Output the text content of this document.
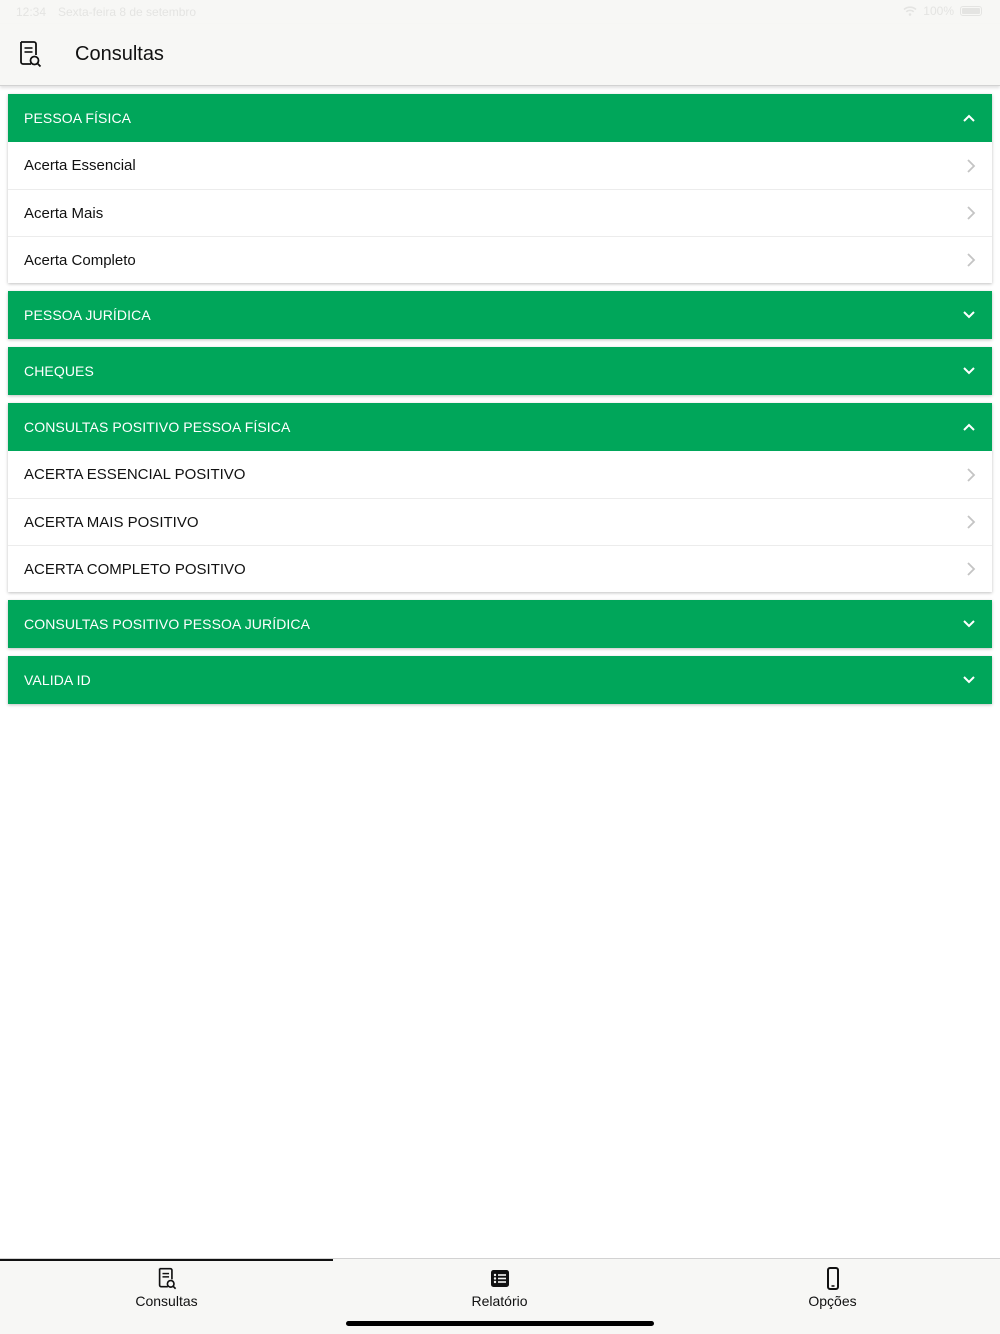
12:34 Sexta-feira 8 de setembro	100%
Consultas
PESSOA FÍSICA
Acerta Essencial
Acerta Mais
Acerta Completo
PESSOA JURÍDICA
CHEQUES
CONSULTAS POSITIVO PESSOA FÍSICA
ACERTA ESSENCIAL POSITIVO
ACERTA MAIS POSITIVO
ACERTA COMPLETO POSITIVO
CONSULTAS POSITIVO PESSOA JURÍDICA
VALIDA ID
Consultas	Relatório	Opções
